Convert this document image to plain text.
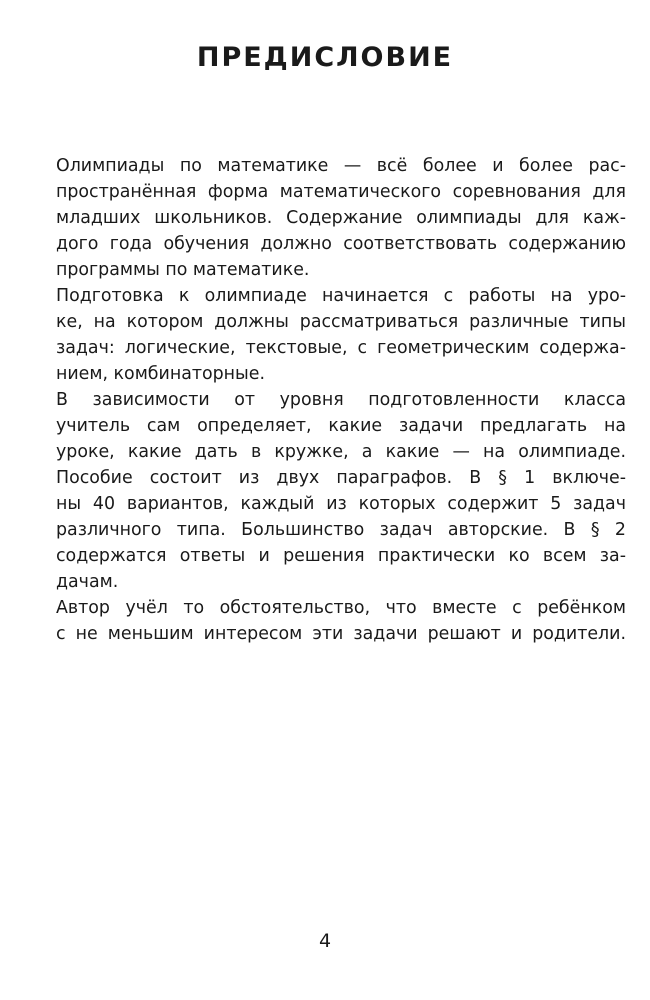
ПРЕДИСЛОВИЕ

Олимпиады по математике — всё более и более рас-
пространённая форма математического соревнования для
младших школьников. Содержание олимпиады для каж-
дого года обучения должно соответствовать содержанию
программы по математике.

Подготовка к олимпиаде начинается с работы на уро-
ке, на котором должны рассматриваться различные типы
задач: логические, текстовые, с геометрическим содержа-
нием, комбинаторные.

В зависимости от уровня подготовленности класса
учитель сам определяет, какие задачи предлагать на
уроке, какие дать в кружке, а какие — на олимпиаде.

Пособие состоит из двух параграфов. В § 1 включе-
ны 40 вариантов, каждый из которых содержит 5 задач
различного типа. Большинство задач авторские. В § 2
содержатся ответы и решения практически ко всем за-
дачам.

Автор учёл то обстоятельство, что вместе с ребёнком
с не меньшим интересом эти задачи решают и родители.

4
